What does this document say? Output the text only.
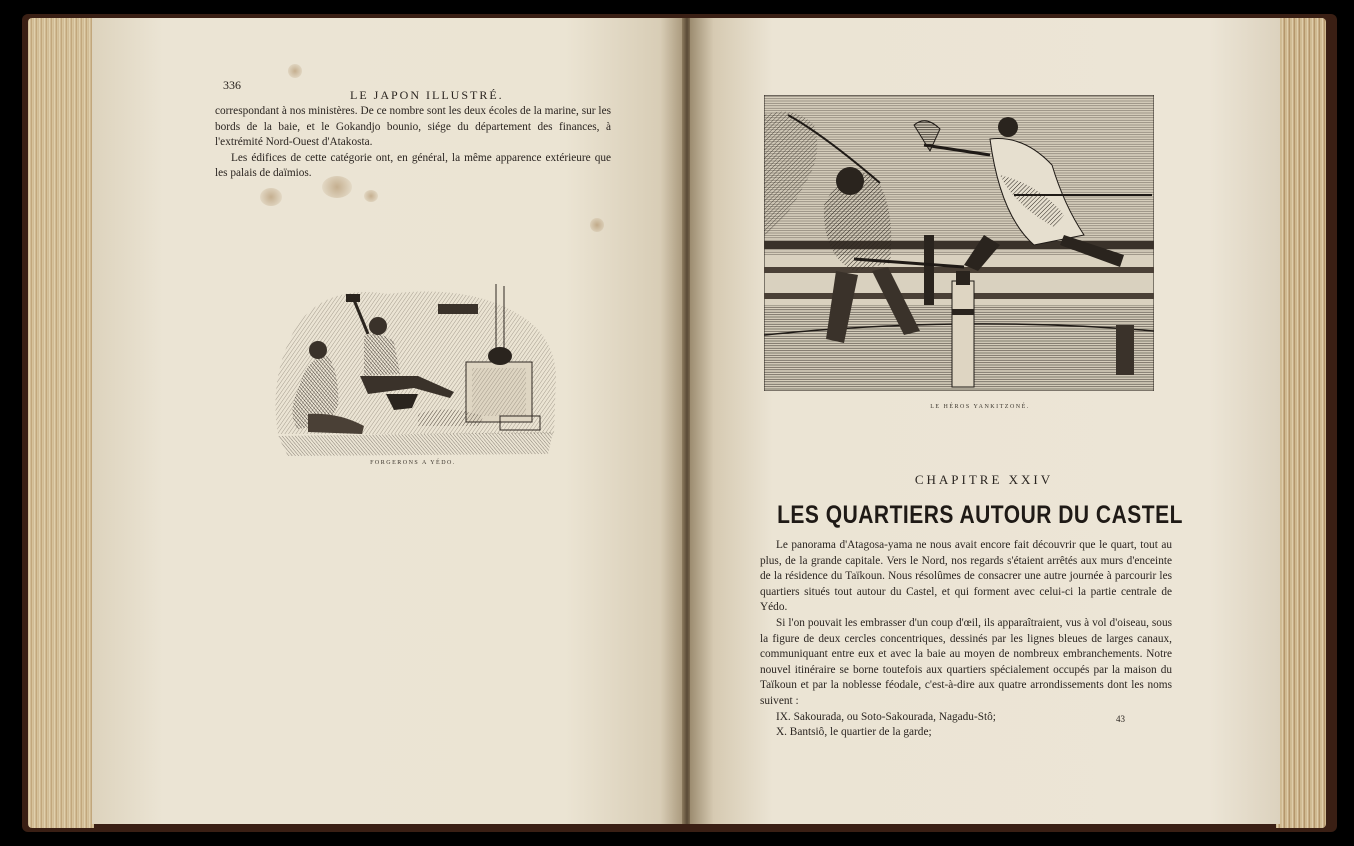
336
LE JAPON ILLUSTRÉ.

correspondant à nos ministères. De ce nombre sont les deux écoles de la marine, sur les bords de la baie, et le Gokandjo bounio, siége du département des finances, à l'extrémité Nord-Ouest d'Atakosta.

Les édifices de cette catégorie ont, en général, la même apparence extérieure que les palais de daïmios.

FORGERONS A YÉDO.
LE HÉROS YANKITZONÉ.
CHAPITRE XXIV
LES QUARTIERS AUTOUR DU CASTEL

Le panorama d'Atagosa-yama ne nous avait encore fait découvrir que le quart, tout au plus, de la grande capitale. Vers le Nord, nos regards s'étaient arrêtés aux murs d'enceinte de la résidence du Taïkoun. Nous résolûmes de consacrer une autre journée à parcourir les quartiers situés tout autour du Castel, et qui forment avec celui-ci la partie centrale de Yédo.

Si l'on pouvait les embrasser d'un coup d'œil, ils apparaîtraient, vus à vol d'oiseau, sous la figure de deux cercles concentriques, dessinés par les lignes bleues de larges canaux, communiquant entre eux et avec la baie au moyen de nombreux embranchements. Notre nouvel itinéraire se borne toutefois aux quartiers spécialement occupés par la maison du Taïkoun et par la noblesse féodale, c'est-à-dire aux quatre arrondissements dont les noms suivent :

IX. Sakourada, ou Soto-Sakourada, Nagadu-Stô;

X. Bantsiô, le quartier de la garde;

43
